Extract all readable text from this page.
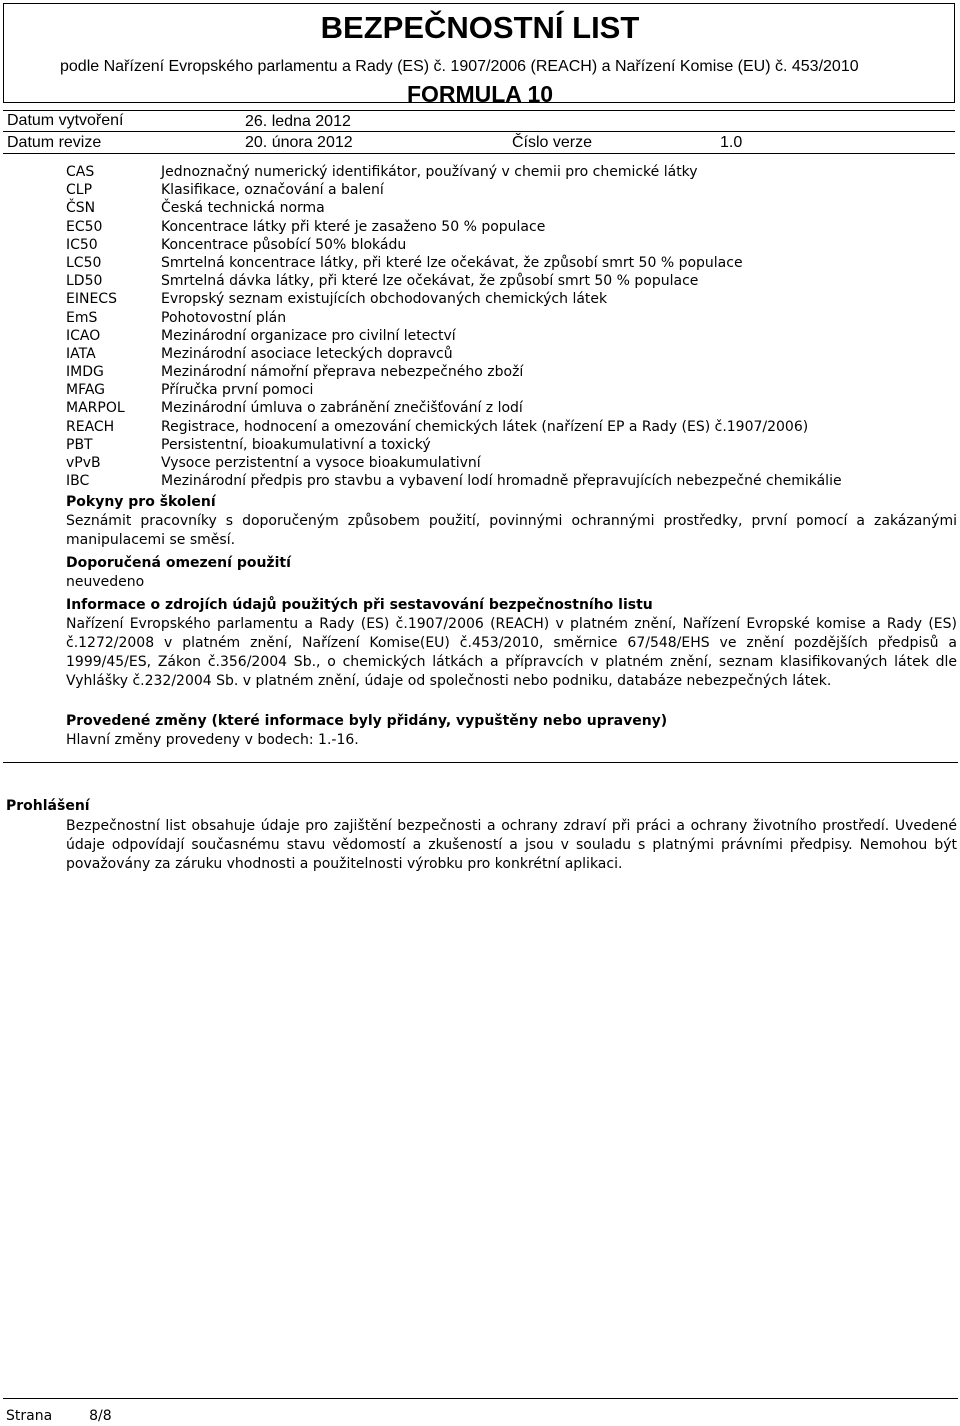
BEZPEČNOSTNÍ LIST
podle Nařízení Evropského parlamentu a Rady (ES) č. 1907/2006 (REACH) a Nařízení Komise (EU) č. 453/2010
FORMULA 10
Datum vytvoření	26. ledna 2012
Datum revize	20. února 2012	Číslo verze	1.0
CAS	Jednoznačný numerický identifikátor, používaný v chemii pro chemické látky
CLP	Klasifikace, označování a balení
ČSN	Česká technická norma
EC50	Koncentrace látky při které je zasaženo 50 % populace
IC50	Koncentrace působící 50% blokádu
LC50	Smrtelná koncentrace látky, při které lze očekávat, že způsobí smrt 50 % populace
LD50	Smrtelná dávka látky, při které lze očekávat, že způsobí smrt 50 % populace
EINECS	Evropský seznam existujících obchodovaných chemických látek
EmS	Pohotovostní plán
ICAO	Mezinárodní organizace pro civilní letectví
IATA	Mezinárodní asociace leteckých dopravců
IMDG	Mezinárodní námořní přeprava nebezpečného zboží
MFAG	Příručka první pomoci
MARPOL	Mezinárodní úmluva o zabránění znečišťování z lodí
REACH	Registrace, hodnocení a omezování chemických látek (nařízení EP a Rady (ES) č.1907/2006)
PBT	Persistentní, bioakumulativní a toxický
vPvB	Vysoce perzistentní a vysoce bioakumulativní
IBC	Mezinárodní předpis pro stavbu a vybavení lodí hromadně přepravujících nebezpečné chemikálie
Pokyny pro školení
Seznámit pracovníky s doporučeným způsobem použití, povinnými ochrannými prostředky, první pomocí a zakázanými manipulacemi se směsí.
Doporučená omezení použití
neuvedeno
Informace o zdrojích údajů použitých při sestavování bezpečnostního listu
Nařízení Evropského parlamentu a Rady (ES) č.1907/2006 (REACH) v platném znění, Nařízení Evropské komise a Rady (ES) č.1272/2008 v platném znění, Nařízení Komise(EU) č.453/2010, směrnice 67/548/EHS ve znění pozdějších předpisů a 1999/45/ES, Zákon č.356/2004 Sb., o chemických látkách a přípravcích v platném znění, seznam klasifikovaných látek dle Vyhlášky č.232/2004 Sb. v platném znění, údaje od společnosti nebo podniku, databáze nebezpečných látek.
Provedené změny (které informace byly přidány, vypuštěny nebo upraveny)
Hlavní změny provedeny v bodech: 1.-16.
Prohlášení
Bezpečnostní list obsahuje údaje pro zajištění bezpečnosti a ochrany zdraví při práci a ochrany životního prostředí. Uvedené údaje odpovídají současnému stavu vědomostí a zkušeností a jsou v souladu s platnými právními předpisy. Nemohou být považovány za záruku vhodnosti a použitelnosti výrobku pro konkrétní aplikaci.
Strana	8/8
